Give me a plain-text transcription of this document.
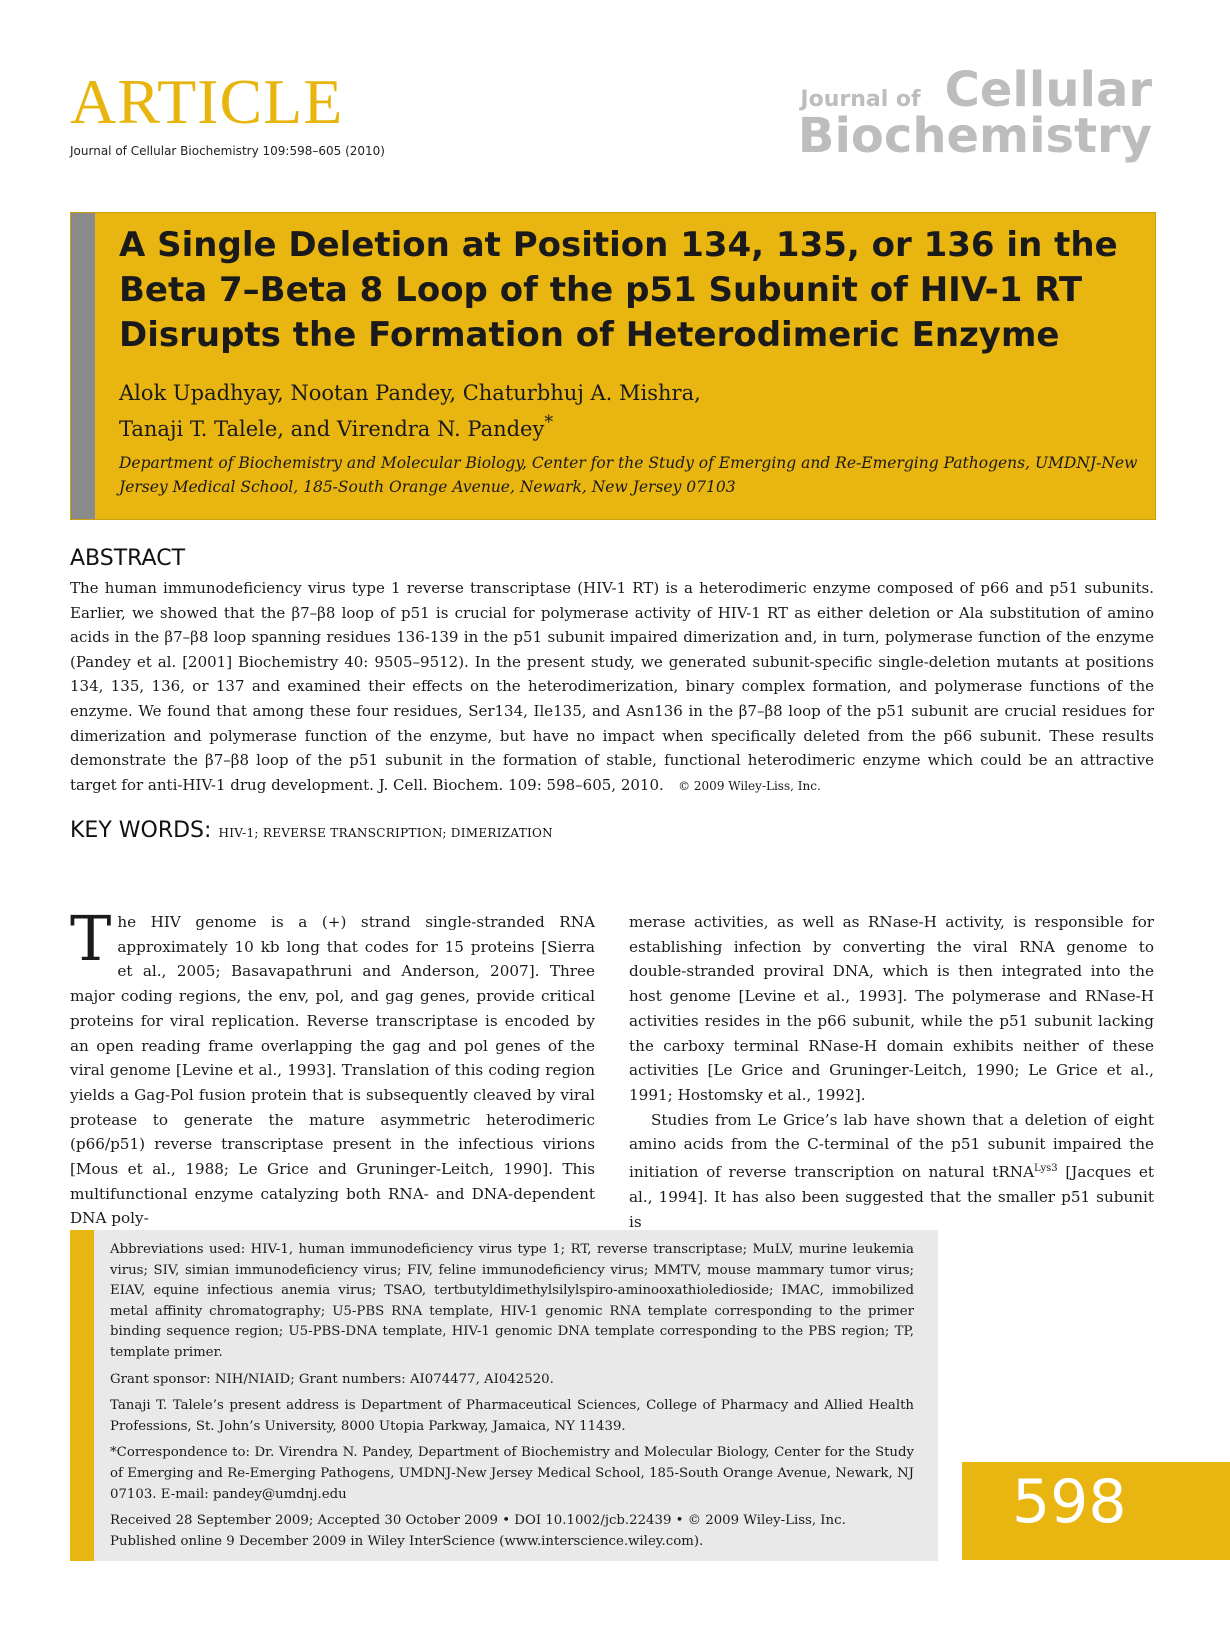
ARTICLE
Journal of Cellular Biochemistry 109:598–605 (2010)
Journal of Cellular
Biochemistry
A Single Deletion at Position 134, 135, or 136 in the Beta 7–Beta 8 Loop of the p51 Subunit of HIV-1 RT Disrupts the Formation of Heterodimeric Enzyme
Alok Upadhyay, Nootan Pandey, Chaturbhuj A. Mishra,
Tanaji T. Talele, and Virendra N. Pandey*
Department of Biochemistry and Molecular Biology, Center for the Study of Emerging and Re-Emerging Pathogens, UMDNJ-New Jersey Medical School, 185-South Orange Avenue, Newark, New Jersey 07103
ABSTRACT
The human immunodeficiency virus type 1 reverse transcriptase (HIV-1 RT) is a heterodimeric enzyme composed of p66 and p51 subunits. Earlier, we showed that the β7–β8 loop of p51 is crucial for polymerase activity of HIV-1 RT as either deletion or Ala substitution of amino acids in the β7–β8 loop spanning residues 136-139 in the p51 subunit impaired dimerization and, in turn, polymerase function of the enzyme (Pandey et al. [2001] Biochemistry 40: 9505–9512). In the present study, we generated subunit-specific single-deletion mutants at positions 134, 135, 136, or 137 and examined their effects on the heterodimerization, binary complex formation, and polymerase functions of the enzyme. We found that among these four residues, Ser134, Ile135, and Asn136 in the β7–β8 loop of the p51 subunit are crucial residues for dimerization and polymerase function of the enzyme, but have no impact when specifically deleted from the p66 subunit. These results demonstrate the β7–β8 loop of the p51 subunit in the formation of stable, functional heterodimeric enzyme which could be an attractive target for anti-HIV-1 drug development. J. Cell. Biochem. 109: 598–605, 2010. © 2009 Wiley-Liss, Inc.
KEY WORDS: HIV-1; REVERSE TRANSCRIPTION; DIMERIZATION

The HIV genome is a (+) strand single-stranded RNA approximately 10 kb long that codes for 15 proteins [Sierra et al., 2005; Basavapathruni and Anderson, 2007]. Three major coding regions, the env, pol, and gag genes, provide critical proteins for viral replication. Reverse transcriptase is encoded by an open reading frame overlapping the gag and pol genes of the viral genome [Levine et al., 1993]. Translation of this coding region yields a Gag-Pol fusion protein that is subsequently cleaved by viral protease to generate the mature asymmetric heterodimeric (p66/p51) reverse transcriptase present in the infectious virions [Mous et al., 1988; Le Grice and Gruninger-Leitch, 1990]. This multifunctional enzyme catalyzing both RNA- and DNA-dependent DNA poly-

merase activities, as well as RNase-H activity, is responsible for establishing infection by converting the viral RNA genome to double-stranded proviral DNA, which is then integrated into the host genome [Levine et al., 1993]. The polymerase and RNase-H activities resides in the p66 subunit, while the p51 subunit lacking the carboxy terminal RNase-H domain exhibits neither of these activities [Le Grice and Gruninger-Leitch, 1990; Le Grice et al., 1991; Hostomsky et al., 1992].

Studies from Le Grice’s lab have shown that a deletion of eight amino acids from the C-terminal of the p51 subunit impaired the initiation of reverse transcription on natural tRNA$^{Lys3}$ [Jacques et al., 1994]. It has also been suggested that the smaller p51 subunit is

Abbreviations used: HIV-1, human immunodeficiency virus type 1; RT, reverse transcriptase; MuLV, murine leukemia virus; SIV, simian immunodeficiency virus; FIV, feline immunodeficiency virus; MMTV, mouse mammary tumor virus; EIAV, equine infectious anemia virus; TSAO, tertbutyldimethylsilylspiro-aminooxathioledioside; IMAC, immobilized metal affinity chromatography; U5-PBS RNA template, HIV-1 genomic RNA template corresponding to the primer binding sequence region; U5-PBS-DNA template, HIV-1 genomic DNA template corresponding to the PBS region; TP, template primer.

Grant sponsor: NIH/NIAID; Grant numbers: AI074477, AI042520.

Tanaji T. Talele’s present address is Department of Pharmaceutical Sciences, College of Pharmacy and Allied Health Professions, St. John’s University, 8000 Utopia Parkway, Jamaica, NY 11439.

*Correspondence to: Dr. Virendra N. Pandey, Department of Biochemistry and Molecular Biology, Center for the Study of Emerging and Re-Emerging Pathogens, UMDNJ-New Jersey Medical School, 185-South Orange Avenue, Newark, NJ 07103. E-mail: pandey@umdnj.edu

Received 28 September 2009; Accepted 30 October 2009 • DOI 10.1002/jcb.22439 • © 2009 Wiley-Liss, Inc.

Published online 9 December 2009 in Wiley InterScience (www.interscience.wiley.com).

598
